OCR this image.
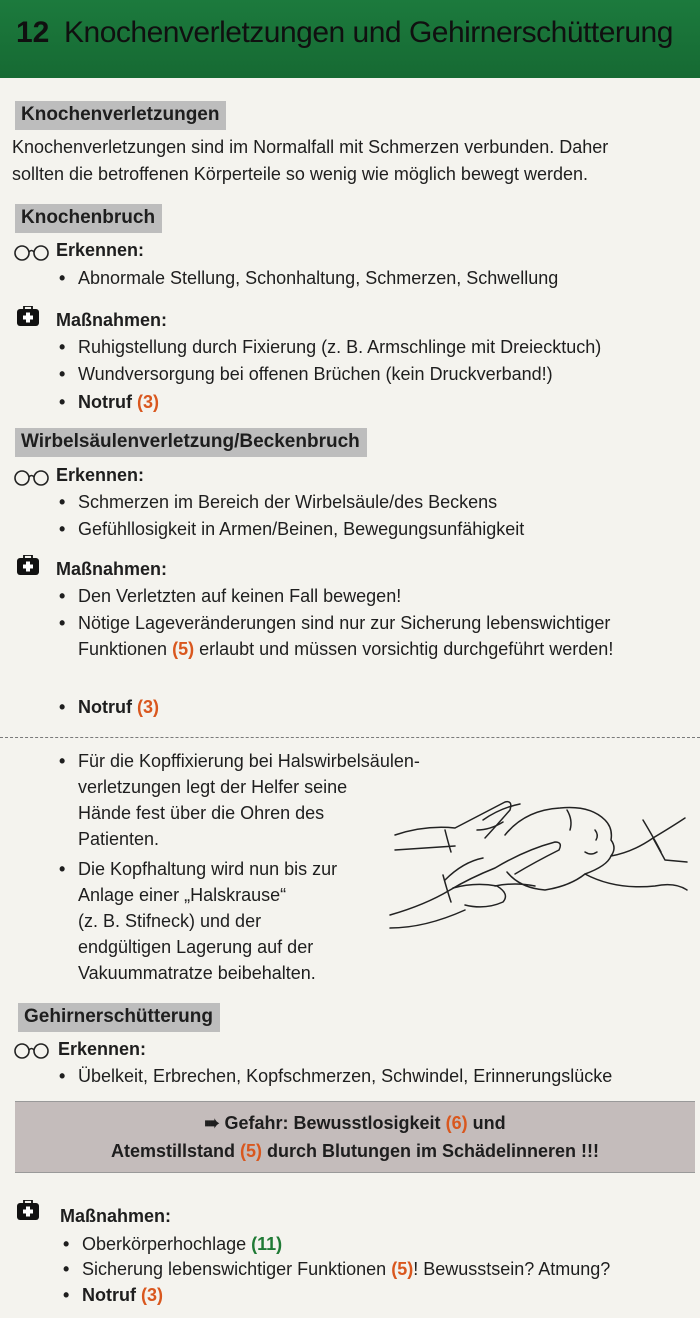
12 Knochenverletzungen und Gehirnerschütterung
Knochenverletzungen
Knochenverletzungen sind im Normalfall mit Schmerzen verbunden. Daher
sollten die betroffenen Körperteile so wenig wie möglich bewegt werden.
Knochenbruch
Erkennen:
• Abnormale Stellung, Schonhaltung, Schmerzen, Schwellung
Maßnahmen:
• Ruhigstellung durch Fixierung (z. B. Armschlinge mit Dreiecktuch)
• Wundversorgung bei offenen Brüchen (kein Druckverband!)
• Notruf (3)
Wirbelsäulenverletzung/Beckenbruch
Erkennen:
• Schmerzen im Bereich der Wirbelsäule/des Beckens
• Gefühllosigkeit in Armen/Beinen, Bewegungsunfähigkeit
Maßnahmen:
• Den Verletzten auf keinen Fall bewegen!
• Nötige Lageveränderungen sind nur zur Sicherung lebenswichtiger
Funktionen (5) erlaubt und müssen vorsichtig durchgeführt werden!
• Notruf (3)
• Für die Kopffixierung bei Halswirbelsäulen-
verletzungen legt der Helfer seine
Hände fest über die Ohren des
Patienten.
• Die Kopfhaltung wird nun bis zur
Anlage einer „Halskrause“
(z. B. Stifneck) und der
endgültigen Lagerung auf der
Vakuummatratze beibehalten.
Gehirnerschütterung
Erkennen:
• Übelkeit, Erbrechen, Kopfschmerzen, Schwindel, Erinnerungslücke
➠ Gefahr: Bewusstlosigkeit (6) und
Atemstillstand (5) durch Blutungen im Schädelinneren !!!
Maßnahmen:
• Oberkörperhochlage (11)
• Sicherung lebenswichtiger Funktionen (5)! Bewusstsein? Atmung?
• Notruf (3)
